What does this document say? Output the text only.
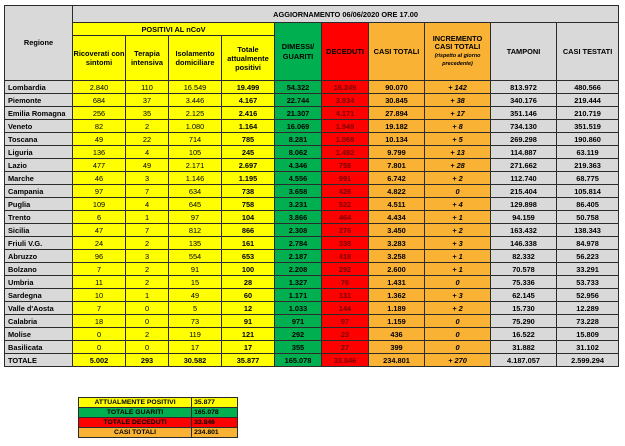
Regione	AGGIORNAMENTO 06/06/2020 ORE 17.00									
	POSITIVI AL nCoV				DIMESSI/ GUARITI	DECEDUTI	CASI TOTALI	INCREMENTO CASI TOTALI
(rispetto al giorno precedente)	TAMPONI	CASI TESTATI
	Ricoverati con sintomi	Terapia intensiva	Isolamento domiciliare	Totale attualmente positivi						
Lombardia	2.840	110	16.549	19.499	54.322	16.249	90.070	+ 142	813.972	480.566
Piemonte	684	37	3.446	4.167	22.744	3.934	30.845	+ 38	340.176	219.444
Emilia Romagna	256	35	2.125	2.416	21.307	4.171	27.894	+ 17	351.146	210.719
Veneto	82	2	1.080	1.164	16.069	1.949	19.182	+ 8	734.130	351.519
Toscana	49	22	714	785	8.281	1.068	10.134	+ 5	269.298	190.860
Liguria	136	4	105	245	8.062	1.492	9.799	+ 13	114.887	63.119
Lazio	477	49	2.171	2.697	4.346	758	7.801	+ 28	271.662	219.363
Marche	46	3	1.146	1.195	4.556	991	6.742	+ 2	112.740	68.775
Campania	97	7	634	738	3.658	426	4.822	0	215.404	105.814
Puglia	109	4	645	758	3.231	522	4.511	+ 4	129.898	86.405
Trento	6	1	97	104	3.866	464	4.434	+ 1	94.159	50.758
Sicilia	47	7	812	866	2.308	276	3.450	+ 2	163.432	138.343
Friuli V.G.	24	2	135	161	2.784	338	3.283	+ 3	146.338	84.978
Abruzzo	96	3	554	653	2.187	418	3.258	+ 1	82.332	56.223
Bolzano	7	2	91	100	2.208	292	2.600	+ 1	70.578	33.291
Umbria	11	2	15	28	1.327	76	1.431	0	75.336	53.733
Sardegna	10	1	49	60	1.171	131	1.362	+ 3	62.145	52.956
Valle d'Aosta	7	0	5	12	1.033	144	1.189	+ 2	15.730	12.289
Calabria	18	0	73	91	971	97	1.159	0	75.290	73.228
Molise	0	2	119	121	292	23	436	0	16.522	15.809
Basilicata	0	0	17	17	355	27	399	0	31.882	31.102
TOTALE	5.002	293	30.582	35.877	165.078	33.846	234.801	+ 270	4.187.057	2.599.294
ATTUALMENTE POSITIVI	35.877
TOTALE GUARITI	165.078
TOTALE DECEDUTI	33.846
CASI TOTALI	234.801
